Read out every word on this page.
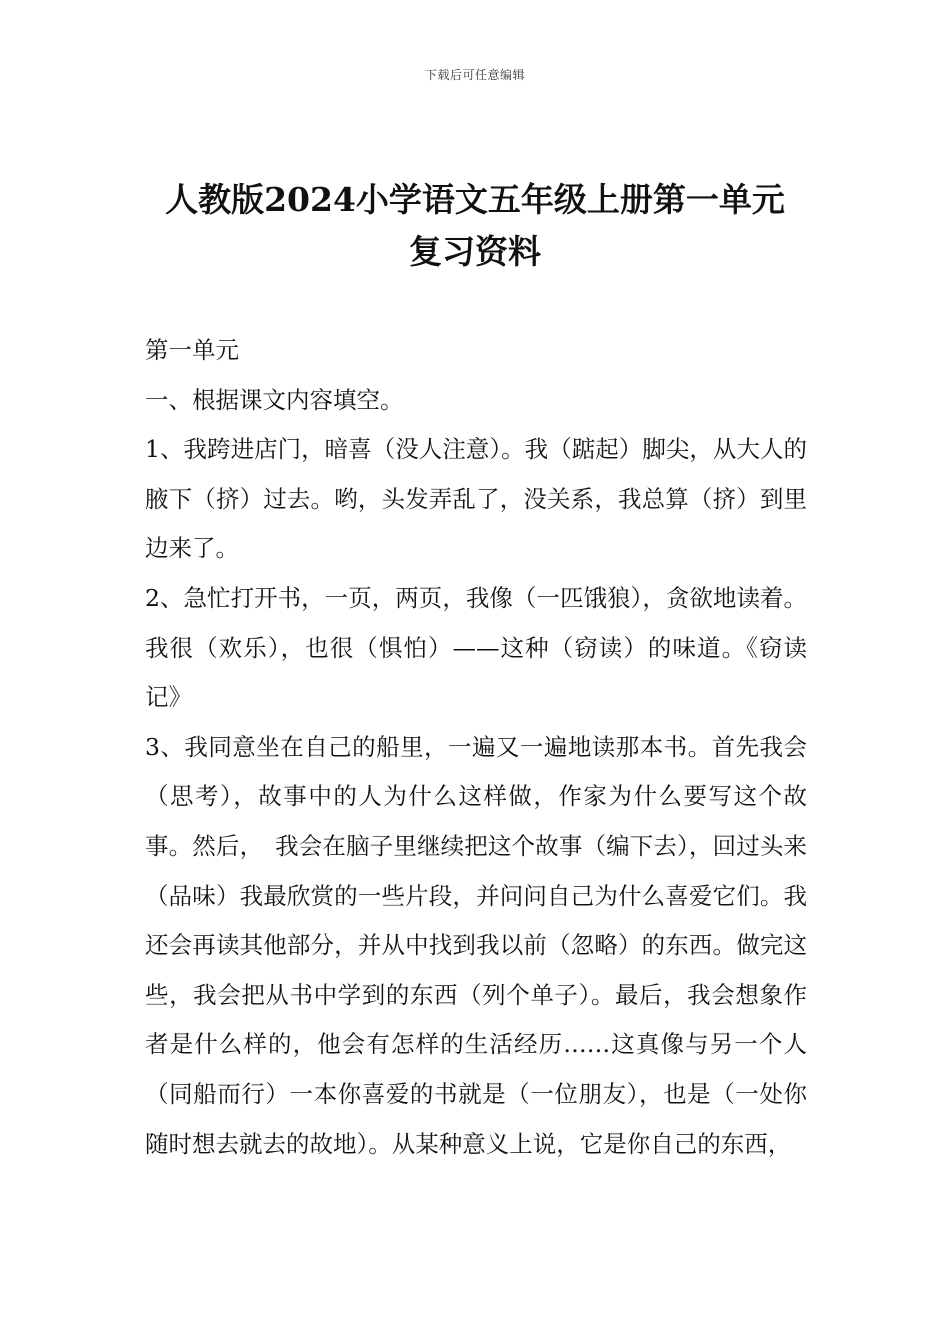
下载后可任意编辑
人教版2024小学语文五年级上册第一单元
复习资料

第一单元

一、根据课文内容填空。

1、我跨进店门，暗喜（没人注意）。我（踮起）脚尖，从大人的腋下（挤）过去。哟，头发弄乱了，没关系，我总算（挤）到里边来了。

2、急忙打开书，一页，两页，我像（一匹饿狼），贪欲地读着。我很（欢乐），也很（惧怕）——这种（窃读）的味道。《窃读记》

3、我同意坐在自己的船里，一遍又一遍地读那本书。首先我会（思考），故事中的人为什么这样做，作家为什么要写这个故事。然后，　我会在脑子里继续把这个故事（编下去），回过头来（品味）我最欣赏的一些片段，并问问自己为什么喜爱它们。我还会再读其他部分，并从中找到我以前（忽略）的东西。做完这些，我会把从书中学到的东西（列个单子）。最后，我会想象作者是什么样的，他会有怎样的生活经历……这真像与另一个人（同船而行）一本你喜爱的书就是（一位朋友），也是（一处你随时想去就去的故地）。从某种意义上说，它是你自己的东西，
